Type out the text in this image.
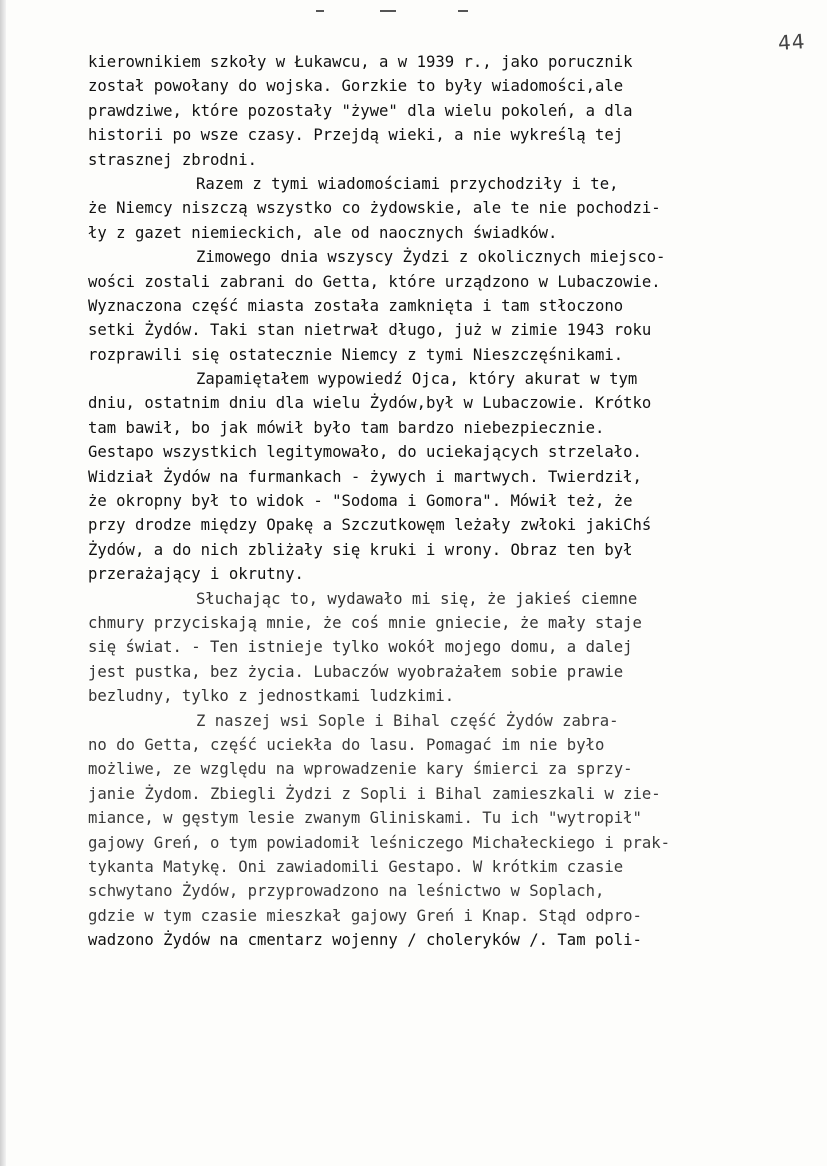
44
kierownikiem szkoły w Łukawcu, a w 1939 r., jako porucznik
został powołany do wojska. Gorzkie to były wiadomości,ale
prawdziwe, które pozostały "żywe" dla wielu pokoleń, a dla
historii po wsze czasy. Przejdą wieki, a nie wykreślą tej
strasznej zbrodni.
Razem z tymi wiadomościami przychodziły i te,
że Niemcy niszczą wszystko co żydowskie, ale te nie pochodzi-
ły z gazet niemieckich, ale od naocznych świadków.
Zimowego dnia wszyscy Żydzi z okolicznych miejsco-
wości zostali zabrani do Getta, które urządzono w Lubaczowie.
Wyznaczona część miasta została zamknięta i tam stłoczono
setki Żydów. Taki stan nietrwał długo, już w zimie 1943 roku
rozprawili się ostatecznie Niemcy z tymi Nieszczęśnikami.
Zapamiętałem wypowiedź Ojca, który akurat w tym
dniu, ostatnim dniu dla wielu Żydów,był w Lubaczowie. Krótko
tam bawił, bo jak mówił było tam bardzo niebezpiecznie.
Gestapo wszystkich legitymowało, do uciekających strzelało.
Widział Żydów na furmankach - żywych i martwych. Twierdził,
że okropny był to widok - "Sodoma i Gomora". Mówił też, że
przy drodze między Opakę a Szczutkowęm leżały zwłoki jakiChś
Żydów, a do nich zbliżały się kruki i wrony. Obraz ten był
przerażający i okrutny.
Słuchając to, wydawało mi się, że jakieś ciemne
chmury przyciskają mnie, że coś mnie gniecie, że mały staje
się świat. - Ten istnieje tylko wokół mojego domu, a dalej
jest pustka, bez życia. Lubaczów wyobrażałem sobie prawie
bezludny, tylko z jednostkami ludzkimi.
Z naszej wsi Sople i Bihal część Żydów zabra-
no do Getta, część uciekła do lasu. Pomagać im nie było
możliwe, ze względu na wprowadzenie kary śmierci za sprzy-
janie Żydom. Zbiegli Żydzi z Sopli i Bihal zamieszkali w zie-
miance, w gęstym lesie zwanym Gliniskami. Tu ich "wytropił"
gajowy Greń, o tym powiadomił leśniczego Michałeckiego i prak-
tykanta Matykę. Oni zawiadomili Gestapo. W krótkim czasie
schwytano Żydów, przyprowadzono na leśnictwo w Soplach,
gdzie w tym czasie mieszkał gajowy Greń i Knap. Stąd odpro-
wadzono Żydów na cmentarz wojenny / choleryków /. Tam poli-
